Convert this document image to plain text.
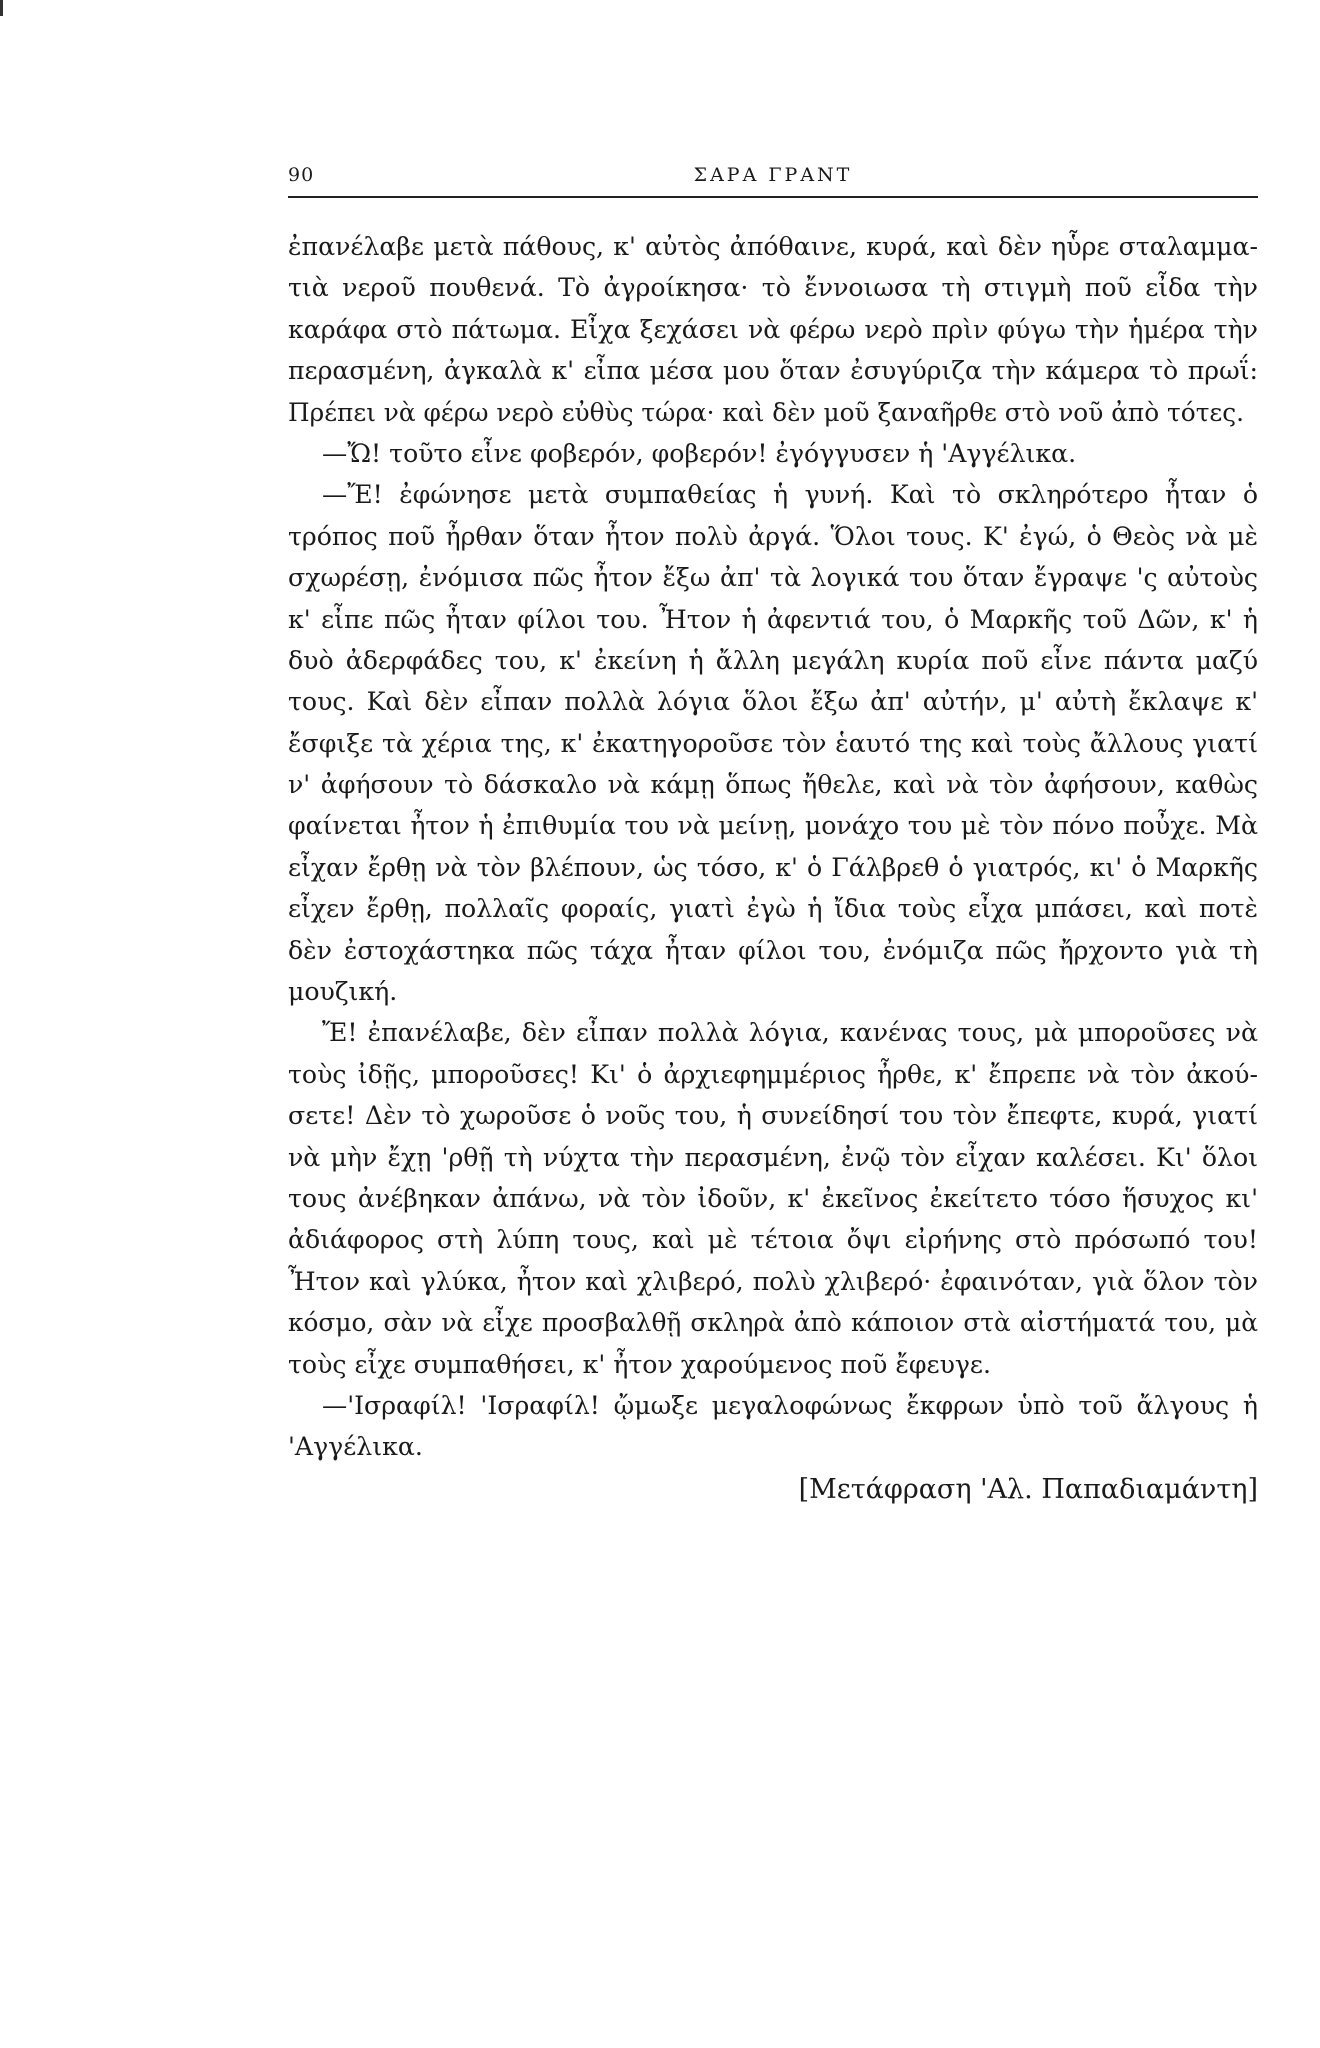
90	ΣΑΡΑ ΓΡΑΝΤ
ἐπανέλαβε μετὰ πάθους, κ' αὐτὸς ἀπόθαινε, κυρά, καὶ δὲν ηὗρε σταλαμμα-
τιὰ νεροῦ πουθενά. Τὸ ἀγροίκησα· τὸ ἔννοιωσα τὴ στιγμὴ ποῦ εἶδα τὴν
καράφα στὸ πάτωμα. Εἶχα ξεχάσει νὰ φέρω νερὸ πρὶν φύγω τὴν ἡμέρα τὴν
περασμένη, ἀγκαλὰ κ' εἶπα μέσα μου ὅταν ἐσυγύριζα τὴν κάμερα τὸ πρωΐ:
Πρέπει νὰ φέρω νερὸ εὐθὺς τώρα· καὶ δὲν μοῦ ξαναῆρθε στὸ νοῦ ἀπὸ τότες.
—Ὤ! τοῦτο εἶνε φοβερόν, φοβερόν! ἐγόγγυσεν ἡ 'Αγγέλικα.
—Ἔ! ἐφώνησε μετὰ συμπαθείας ἡ γυνή. Καὶ τὸ σκληρότερο ἦταν ὁ
τρόπος ποῦ ἦρθαν ὅταν ἦτον πολὺ ἀργά. Ὅλοι τους. Κ' ἐγώ, ὁ Θεὸς νὰ μὲ
σχωρέσῃ, ἐνόμισα πῶς ἦτον ἔξω ἀπ' τὰ λογικά του ὅταν ἔγραψε 'ς αὐτοὺς
κ' εἶπε πῶς ἦταν φίλοι του. Ἦτον ἡ ἀφεντιά του, ὁ Μαρκῆς τοῦ Δῶν, κ' ἡ
δυὸ ἀδερφάδες του, κ' ἐκείνη ἡ ἄλλη μεγάλη κυρία ποῦ εἶνε πάντα μαζύ
τους. Καὶ δὲν εἶπαν πολλὰ λόγια ὅλοι ἔξω ἀπ' αὐτήν, μ' αὐτὴ ἔκλαψε κ'
ἔσφιξε τὰ χέρια της, κ' ἐκατηγοροῦσε τὸν ἑαυτό της καὶ τοὺς ἄλλους γιατί
ν' ἀφήσουν τὸ δάσκαλο νὰ κάμῃ ὅπως ἤθελε, καὶ νὰ τὸν ἀφήσουν, καθὼς
φαίνεται ἦτον ἡ ἐπιθυμία του νὰ μείνῃ, μονάχο του μὲ τὸν πόνο ποὖχε. Μὰ
εἶχαν ἔρθῃ νὰ τὸν βλέπουν, ὡς τόσο, κ' ὁ Γάλβρεθ ὁ γιατρός, κι' ὁ Μαρκῆς
εἶχεν ἔρθῃ, πολλαῖς φοραίς, γιατὶ ἐγὼ ἡ ἴδια τοὺς εἶχα μπάσει, καὶ ποτὲ
δὲν ἐστοχάστηκα πῶς τάχα ἦταν φίλοι του, ἐνόμιζα πῶς ἤρχοντο γιὰ τὴ
μουζική.
Ἔ! ἐπανέλαβε, δὲν εἶπαν πολλὰ λόγια, κανένας τους, μὰ μποροῦσες νὰ
τοὺς ἰδῇς, μποροῦσες! Κι' ὁ ἀρχιεφημμέριος ἦρθε, κ' ἔπρεπε νὰ τὸν ἀκού-
σετε! Δὲν τὸ χωροῦσε ὁ νοῦς του, ἡ συνείδησί του τὸν ἔπεφτε, κυρά, γιατί
νὰ μὴν ἔχῃ 'ρθῇ τὴ νύχτα τὴν περασμένη, ἐνῷ τὸν εἶχαν καλέσει. Κι' ὅλοι
τους ἀνέβηκαν ἀπάνω, νὰ τὸν ἰδοῦν, κ' ἐκεῖνος ἐκείτετο τόσο ἥσυχος κι'
ἀδιάφορος στὴ λύπη τους, καὶ μὲ τέτοια ὄψι εἰρήνης στὸ πρόσωπό του!
Ἦτον καὶ γλύκα, ἦτον καὶ χλιβερό, πολὺ χλιβερό· ἐφαινόταν, γιὰ ὅλον τὸν
κόσμο, σὰν νὰ εἶχε προσβαλθῇ σκληρὰ ἀπὸ κάποιον στὰ αἰστήματά του, μὰ
τοὺς εἶχε συμπαθήσει, κ' ἦτον χαρούμενος ποῦ ἔφευγε.
—'Ισραφίλ! 'Ισραφίλ! ᾤμωξε μεγαλοφώνως ἔκφρων ὑπὸ τοῦ ἄλγους ἡ
'Αγγέλικα.
[Μετάφραση 'Αλ. Παπαδιαμάντη]
